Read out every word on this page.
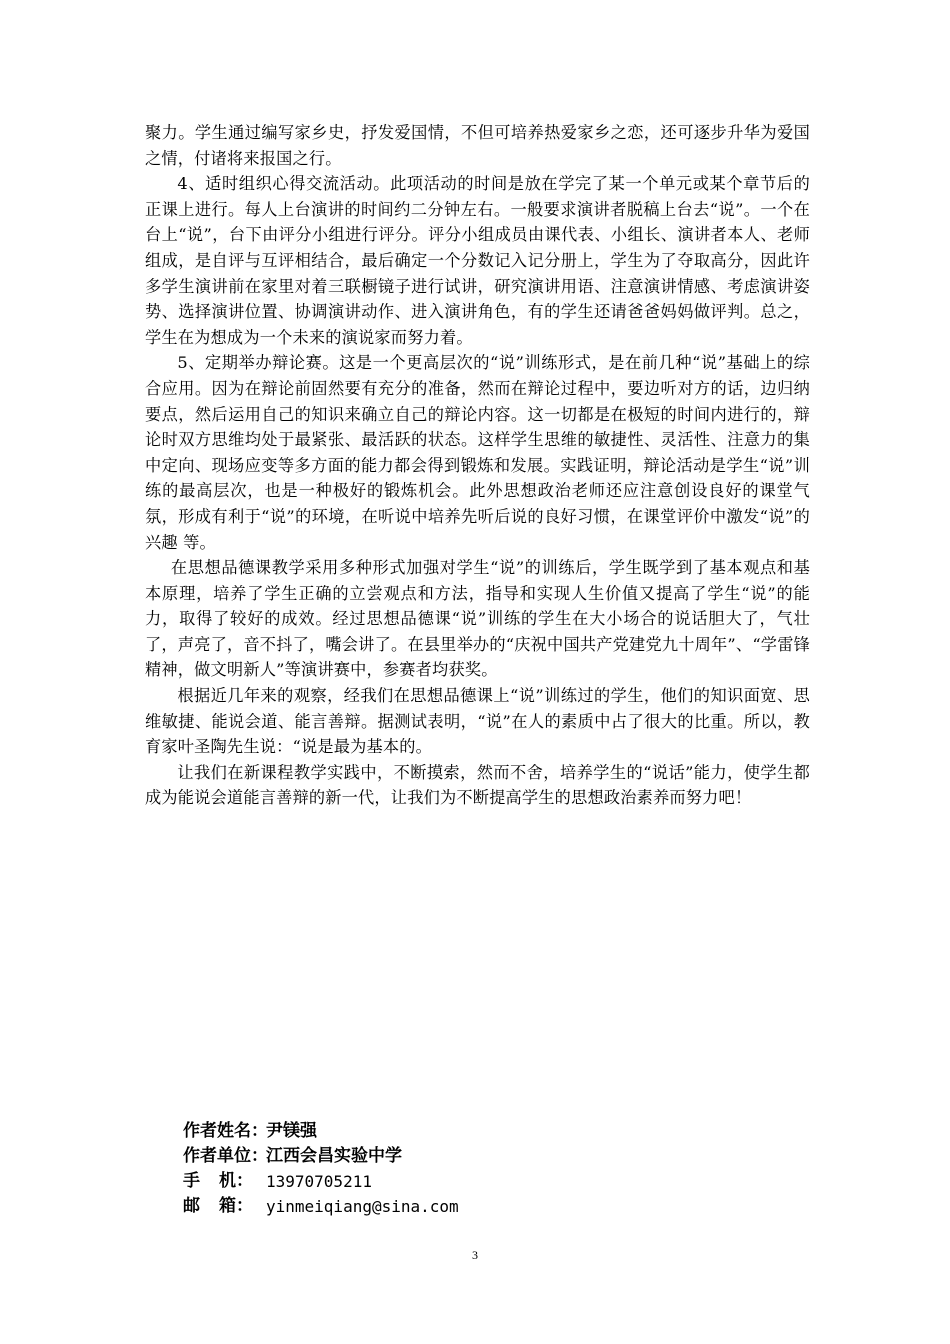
聚力。学生通过编写家乡史，抒发爱国情，不但可培养热爱家乡之恋，还可逐步升华为爱国之情，付诸将来报国之行。

4、适时组织心得交流活动。此项活动的时间是放在学完了某一个单元或某个章节后的正课上进行。每人上台演讲的时间约二分钟左右。一般要求演讲者脱稿上台去“说”。一个在台上“说”，台下由评分小组进行评分。评分小组成员由课代表、小组长、演讲者本人、老师组成，是自评与互评相结合，最后确定一个分数记入记分册上，学生为了夺取高分，因此许多学生演讲前在家里对着三联橱镜子进行试讲，研究演讲用语、注意演讲情感、考虑演讲姿势、选择演讲位置、协调演讲动作、进入演讲角色，有的学生还请爸爸妈妈做评判。总之，学生在为想成为一个未来的演说家而努力着。

5、定期举办辩论赛。这是一个更高层次的“说”训练形式，是在前几种“说”基础上的综合应用。因为在辩论前固然要有充分的准备，然而在辩论过程中，要边听对方的话，边归纳要点，然后运用自己的知识来确立自己的辩论内容。这一切都是在极短的时间内进行的，辩论时双方思维均处于最紧张、最活跃的状态。这样学生思维的敏捷性、灵活性、注意力的集中定向、现场应变等多方面的能力都会得到锻炼和发展。实践证明，辩论活动是学生“说”训练的最高层次，也是一种极好的锻炼机会。此外思想政治老师还应注意创设良好的课堂气氛，形成有利于“说”的环境，在听说中培养先听后说的良好习惯，在课堂评价中激发“说”的兴趣 等。

在思想品德课教学采用多种形式加强对学生“说”的训练后，学生既学到了基本观点和基本原理，培养了学生正确的立尝观点和方法，指导和实现人生价值又提高了学生“说”的能力，取得了较好的成效。经过思想品德课“说”训练的学生在大小场合的说话胆大了，气壮了，声亮了，音不抖了，嘴会讲了。在县里举办的“庆祝中国共产党建党九十周年”、“学雷锋精神，做文明新人”等演讲赛中，参赛者均获奖。

根据近几年来的观察，经我们在思想品德课上“说”训练过的学生，他们的知识面宽、思维敏捷、能说会道、能言善辩。据测试表明，“说”在人的素质中占了很大的比重。所以，教育家叶圣陶先生说：“说是最为基本的。

让我们在新课程教学实践中，不断摸索，然而不舍，培养学生的“说话”能力，使学生都成为能说会道能言善辩的新一代，让我们为不断提高学生的思想政治素养而努力吧！

作者姓名：
尹镁强
作者单位：
江西会昌实验中学
手 机： 13970705211
邮 箱： yinmeiqiang@sina.com
3
